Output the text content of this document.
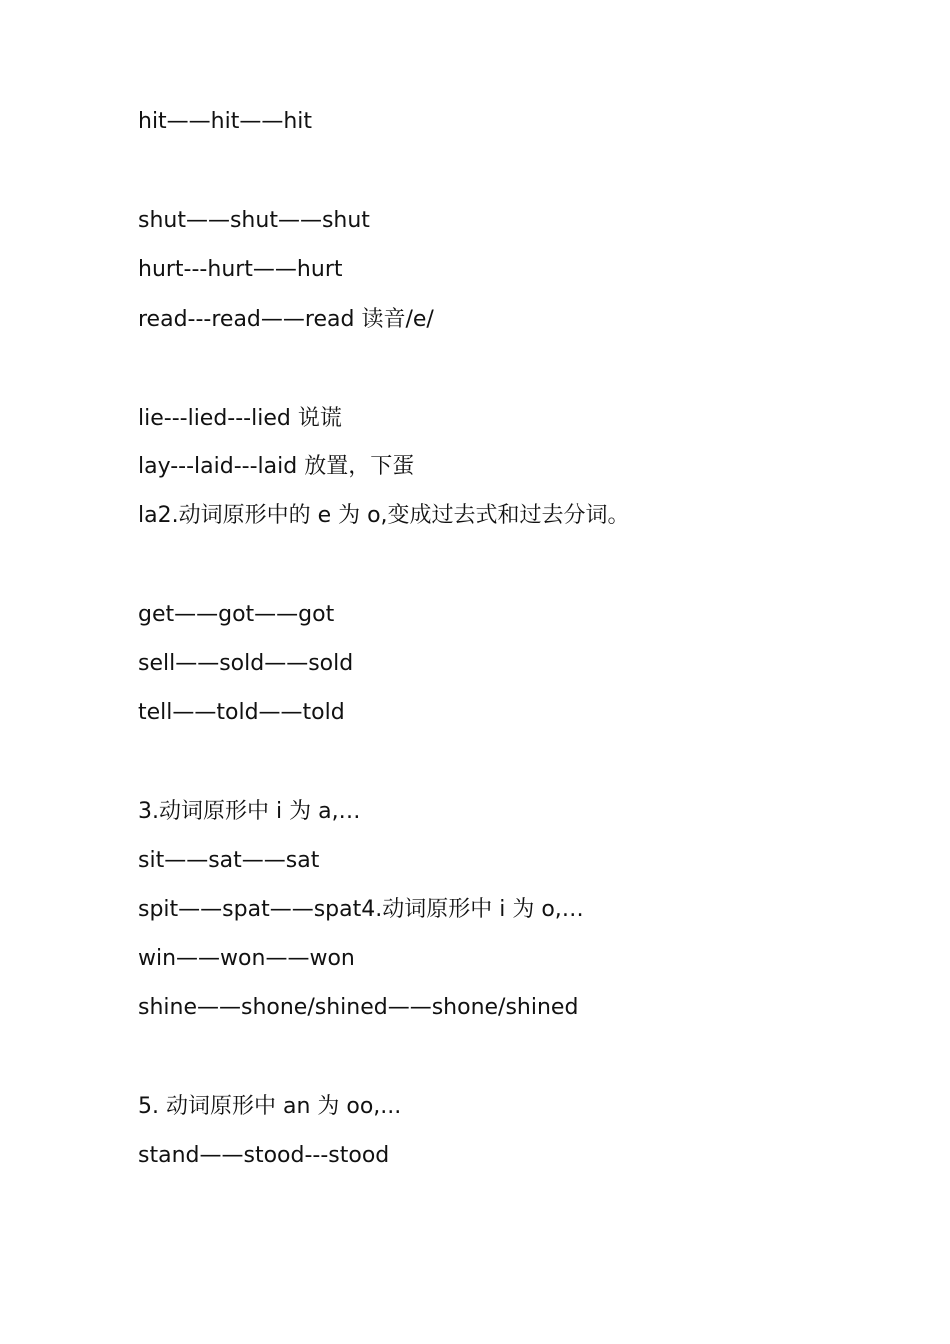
hit——hit——hit
shut——shut——shut
hurt---hurt——hurt
read---read——read 读音/e/
lie---lied---lied 说谎
lay---laid---laid 放置，下蛋
la2.动词原形中的 e 为 o,变成过去式和过去分词。
get——got——got
sell——sold——sold
tell——told——told
3.动词原形中 i 为 a,…
sit——sat——sat
spit——spat——spat4.动词原形中 i 为 o,…
win——won——won
shine——shone/shined——shone/shined
5. 动词原形中 an 为 oo,...
stand——stood---stood
